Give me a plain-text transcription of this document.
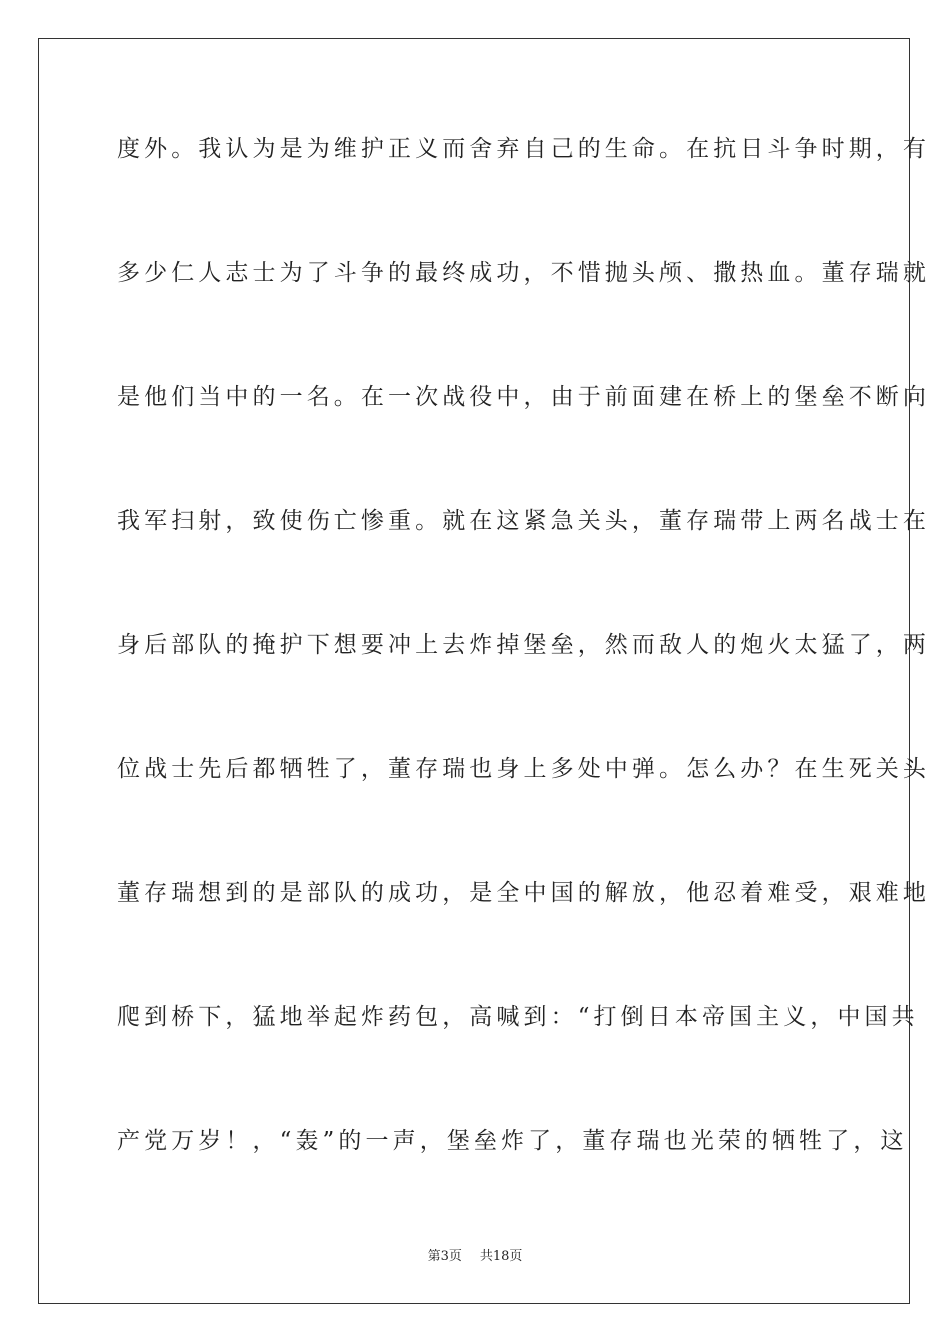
度外。我认为是为维护正义而舍弃自己的生命。在抗日斗争时期，有
多少仁人志士为了斗争的最终成功，不惜抛头颅、撒热血。董存瑞就
是他们当中的一名。在一次战役中，由于前面建在桥上的堡垒不断向
我军扫射，致使伤亡惨重。就在这紧急关头，董存瑞带上两名战士在
身后部队的掩护下想要冲上去炸掉堡垒，然而敌人的炮火太猛了，两
位战士先后都牺牲了，董存瑞也身上多处中弹。怎么办？在生死关头
董存瑞想到的是部队的成功，是全中国的解放，他忍着难受，艰难地
爬到桥下，猛地举起炸药包，高喊到：“打倒日本帝国主义，中国共
产党万岁！，“轰”的一声，堡垒炸了，董存瑞也光荣的牺牲了，这
第3页 共18页
